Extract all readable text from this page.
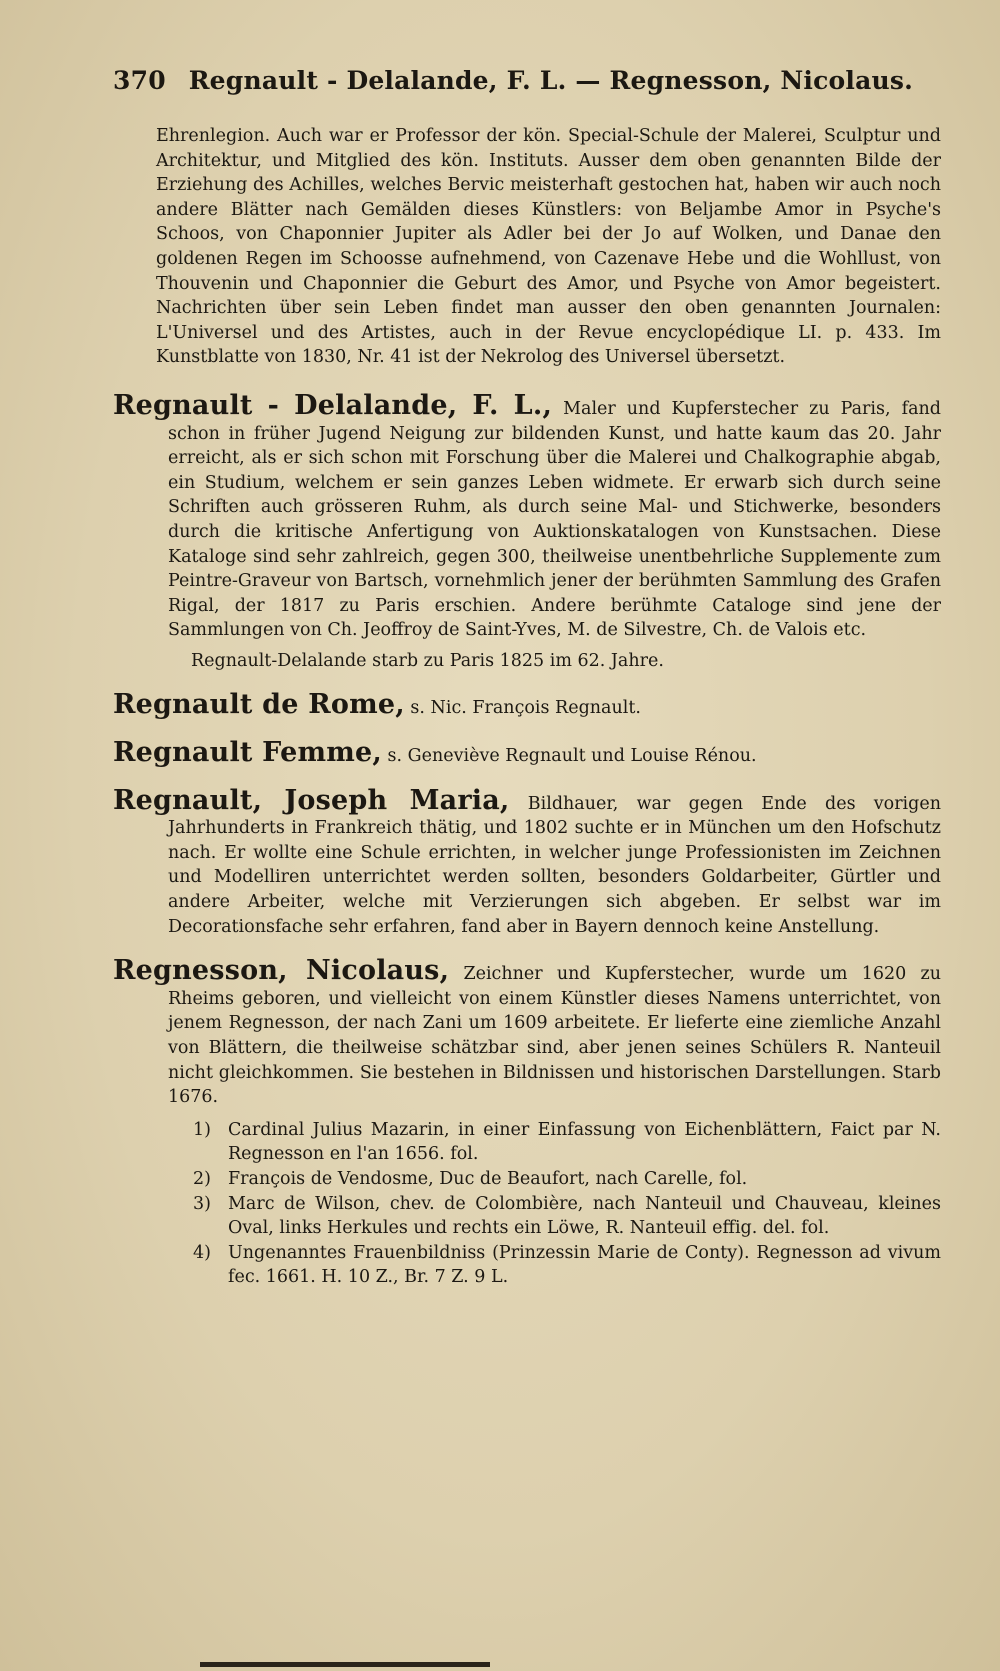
370 Regnault - Delalande, F. L. — Regnesson, Nicolaus.

Ehrenlegion. Auch war er Professor der kön. Special-Schule der Malerei, Sculptur und Architektur, und Mitglied des kön. Instituts. Ausser dem oben genannten Bilde der Erziehung des Achilles, welches Bervic meisterhaft gestochen hat, haben wir auch noch andere Blätter nach Gemälden dieses Künstlers: von Beljambe Amor in Psyche's Schoos, von Chaponnier Jupiter als Adler bei der Jo auf Wolken, und Danae den goldenen Regen im Schoosse aufnehmend, von Cazenave Hebe und die Wohllust, von Thouvenin und Chaponnier die Geburt des Amor, und Psyche von Amor begeistert. Nachrichten über sein Leben findet man ausser den oben genannten Journalen: L'Universel und des Artistes, auch in der Revue encyclopédique LI. p. 433. Im Kunstblatte von 1830, Nr. 41 ist der Nekrolog des Universel übersetzt.

Regnault - Delalande, F. L., Maler und Kupferstecher zu Paris, fand schon in früher Jugend Neigung zur bildenden Kunst, und hatte kaum das 20. Jahr erreicht, als er sich schon mit Forschung über die Malerei und Chalkographie abgab, ein Studium, welchem er sein ganzes Leben widmete. Er erwarb sich durch seine Schriften auch grösseren Ruhm, als durch seine Mal- und Stichwerke, besonders durch die kritische Anfertigung von Auktionskatalogen von Kunstsachen. Diese Kataloge sind sehr zahlreich, gegen 300, theilweise unentbehrliche Supplemente zum Peintre-Graveur von Bartsch, vornehmlich jener der berühmten Sammlung des Grafen Rigal, der 1817 zu Paris erschien. Andere berühmte Cataloge sind jene der Sammlungen von Ch. Jeoffroy de Saint-Yves, M. de Silvestre, Ch. de Valois etc.

Regnault-Delalande starb zu Paris 1825 im 62. Jahre.

Regnault de Rome, s. Nic. François Regnault.

Regnault Femme, s. Geneviève Regnault und Louise Rénou.

Regnault, Joseph Maria, Bildhauer, war gegen Ende des vorigen Jahrhunderts in Frankreich thätig, und 1802 suchte er in München um den Hofschutz nach. Er wollte eine Schule errichten, in welcher junge Professionisten im Zeichnen und Modelliren unterrichtet werden sollten, besonders Goldarbeiter, Gürtler und andere Arbeiter, welche mit Verzierungen sich abgeben. Er selbst war im Decorationsfache sehr erfahren, fand aber in Bayern dennoch keine Anstellung.

Regnesson, Nicolaus, Zeichner und Kupferstecher, wurde um 1620 zu Rheims geboren, und vielleicht von einem Künstler dieses Namens unterrichtet, von jenem Regnesson, der nach Zani um 1609 arbeitete. Er lieferte eine ziemliche Anzahl von Blättern, die theilweise schätzbar sind, aber jenen seines Schülers R. Nanteuil nicht gleichkommen. Sie bestehen in Bildnissen und historischen Darstellungen. Starb 1676.

1) Cardinal Julius Mazarin, in einer Einfassung von Eichenblättern, Faict par N. Regnesson en l'an 1656. fol.
2) François de Vendosme, Duc de Beaufort, nach Carelle, fol.
3) Marc de Wilson, chev. de Colombière, nach Nanteuil und Chauveau, kleines Oval, links Herkules und rechts ein Löwe, R. Nanteuil effig. del. fol.
4) Ungenanntes Frauenbildniss (Prinzessin Marie de Conty). Regnesson ad vivum fec. 1661. H. 10 Z., Br. 7 Z. 9 L.
